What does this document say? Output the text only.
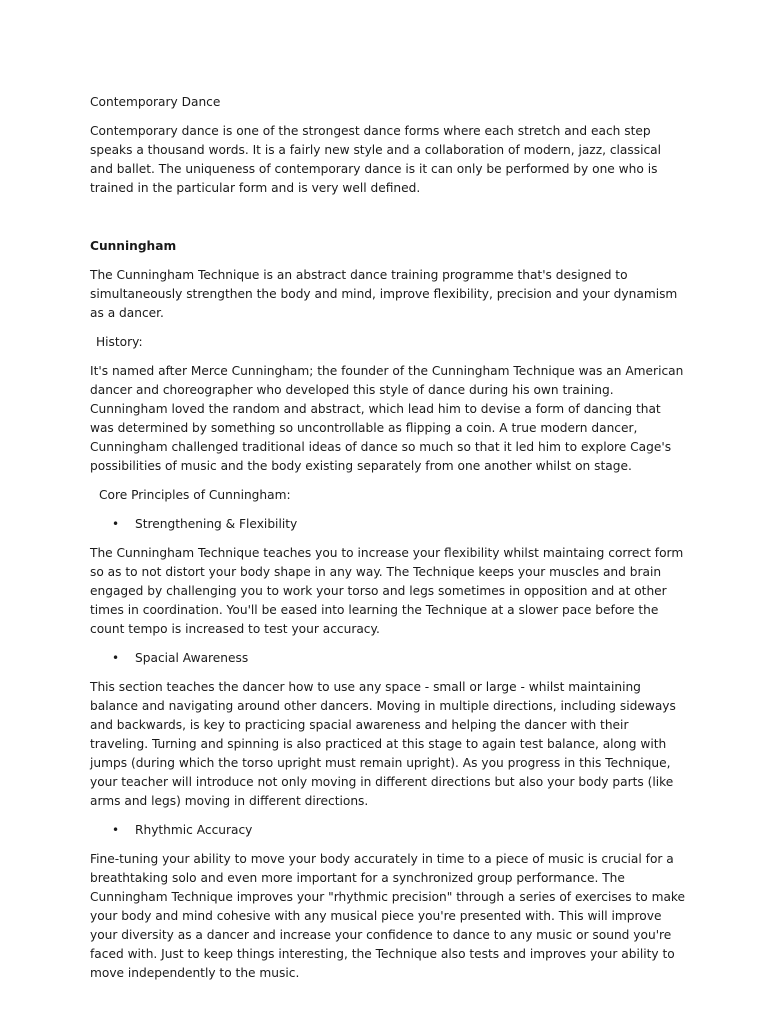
Contemporary Dance

Contemporary dance is one of the strongest dance forms where each stretch and each step speaks a thousand words. It is a fairly new style and a collaboration of modern, jazz, classical and ballet. The uniqueness of contemporary dance is it can only be performed by one who is trained in the particular form and is very well defined.

Cunningham

The Cunningham Technique is an abstract dance training programme that's designed to simultaneously strengthen the body and mind, improve flexibility, precision and your dynamism as a dancer.

History:

It's named after Merce Cunningham; the founder of the Cunningham Technique was an American dancer and choreographer who developed this style of dance during his own training. Cunningham loved the random and abstract, which lead him to devise a form of dancing that was determined by something so uncontrollable as flipping a coin. A true modern dancer, Cunningham challenged traditional ideas of dance so much so that it led him to explore Cage's possibilities of music and the body existing separately from one another whilst on stage.

Core Principles of Cunningham:

• Strengthening & Flexibility

The Cunningham Technique teaches you to increase your flexibility whilst maintaing correct form so as to not distort your body shape in any way. The Technique keeps your muscles and brain engaged by challenging you to work your torso and legs sometimes in opposition and at other times in coordination. You'll be eased into learning the Technique at a slower pace before the count tempo is increased to test your accuracy.

• Spacial Awareness

This section teaches the dancer how to use any space - small or large - whilst maintaining balance and navigating around other dancers. Moving in multiple directions, including sideways and backwards, is key to practicing spacial awareness and helping the dancer with their traveling. Turning and spinning is also practiced at this stage to again test balance, along with jumps (during which the torso upright must remain upright). As you progress in this Technique, your teacher will introduce not only moving in different directions but also your body parts (like arms and legs) moving in different directions.

• Rhythmic Accuracy

Fine-tuning your ability to move your body accurately in time to a piece of music is crucial for a breathtaking solo and even more important for a synchronized group performance. The Cunningham Technique improves your "rhythmic precision" through a series of exercises to make your body and mind cohesive with any musical piece you're presented with. This will improve your diversity as a dancer and increase your confidence to dance to any music or sound you're faced with. Just to keep things interesting, the Technique also tests and improves your ability to move independently to the music.
